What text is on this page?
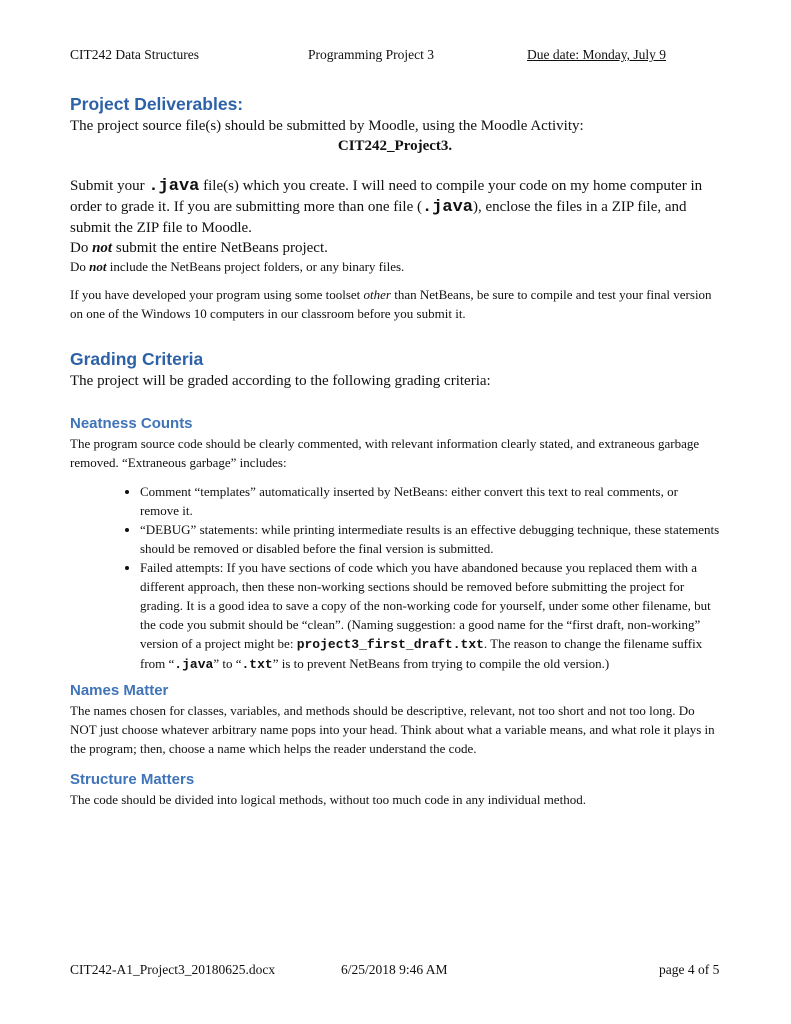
CIT242 Data Structures	Programming Project 3	Due date: Monday, July 9
Project Deliverables:

The project source file(s) should be submitted by Moodle, using the Moodle Activity:

CIT242_Project3.

Submit your .java file(s) which you create. I will need to compile your code on my home computer in order to grade it. If you are submitting more than one file (.java), enclose the files in a ZIP file, and submit the ZIP file to Moodle.

Do not submit the entire NetBeans project.

Do not include the NetBeans project folders, or any binary files.

If you have developed your program using some toolset other than NetBeans, be sure to compile and test your final version on one of the Windows 10 computers in our classroom before you submit it.

Grading Criteria

The project will be graded according to the following grading criteria:

Neatness Counts

The program source code should be clearly commented, with relevant information clearly stated, and extraneous garbage removed. “Extraneous garbage” includes:

• Comment “templates” automatically inserted by NetBeans: either convert this text to real comments, or remove it.
• “DEBUG” statements: while printing intermediate results is an effective debugging technique, these statements should be removed or disabled before the final version is submitted.
• Failed attempts: If you have sections of code which you have abandoned because you replaced them with a different approach, then these non-working sections should be removed before submitting the project for grading. It is a good idea to save a copy of the non-working code for yourself, under some other filename, but the code you submit should be “clean”. (Naming suggestion: a good name for the “first draft, non-working” version of a project might be: project3_first_draft.txt. The reason to change the filename suffix from “.java” to “.txt” is to prevent NetBeans from trying to compile the old version.)
Names Matter

The names chosen for classes, variables, and methods should be descriptive, relevant, not too short and not too long. Do NOT just choose whatever arbitrary name pops into your head. Think about what a variable means, and what role it plays in the program; then, choose a name which helps the reader understand the code.

Structure Matters

The code should be divided into logical methods, without too much code in any individual method.

CIT242-A1_Project3_20180625.docx	6/25/2018 9:46 AM	page 4 of 5
